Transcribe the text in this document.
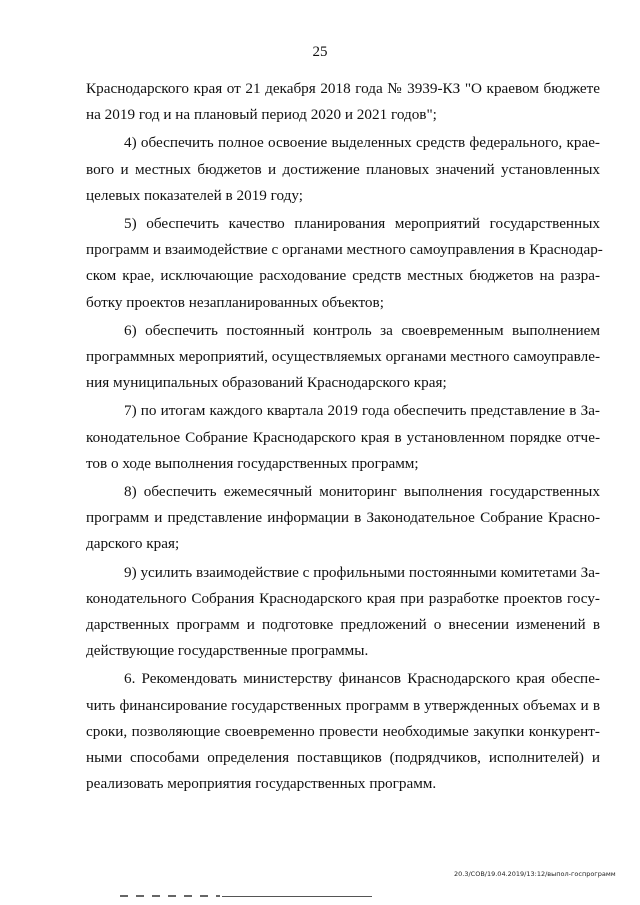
25
Краснодарского края от 21 декабря 2018 года № 3939-КЗ "О краевом бюджете
на 2019 год и на плановый период 2020 и 2021 годов";
4) обеспечить полное освоение выделенных средств федерального, крае-
вого и местных бюджетов и достижение плановых значений установленных
целевых показателей в 2019 году;
5) обеспечить качество планирования мероприятий государственных
программ и взаимодействие с органами местного самоуправления в Краснодар-
ском крае, исключающие расходование средств местных бюджетов на разра-
ботку проектов незапланированных объектов;
6) обеспечить постоянный контроль за своевременным выполнением
программных мероприятий, осуществляемых органами местного самоуправле-
ния муниципальных образований Краснодарского края;
7) по итогам каждого квартала 2019 года обеспечить представление в За-
конодательное Собрание Краснодарского края в установленном порядке отче-
тов о ходе выполнения государственных программ;
8) обеспечить ежемесячный мониторинг выполнения государственных
программ и представление информации в Законодательное Собрание Красно-
дарского края;
9) усилить взаимодействие с профильными постоянными комитетами За-
конодательного Собрания Краснодарского края при разработке проектов госу-
дарственных программ и подготовке предложений о внесении изменений в
действующие государственные программы.
6. Рекомендовать министерству финансов Краснодарского края обеспе-
чить финансирование государственных программ в утвержденных объемах и в
сроки, позволяющие своевременно провести необходимые закупки конкурент-
ными способами определения поставщиков (подрядчиков, исполнителей) и
реализовать мероприятия государственных программ.
20.3/СОВ/19.04.2019/13:12/выпол-госпрограмм
